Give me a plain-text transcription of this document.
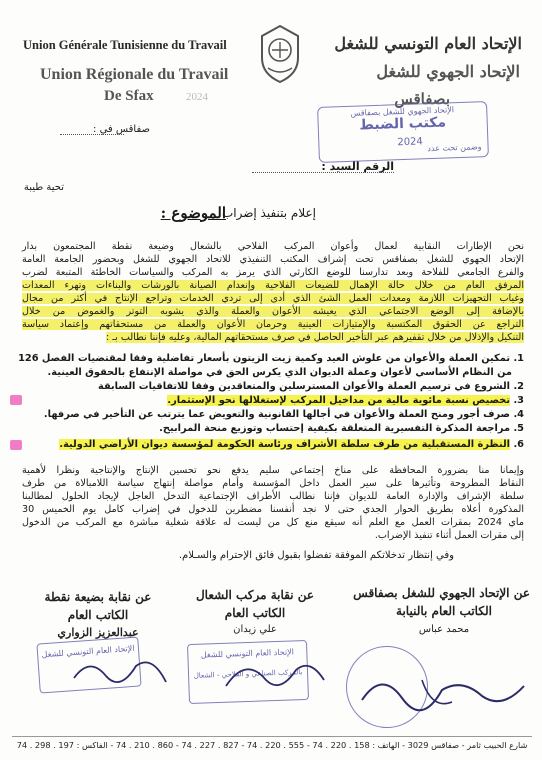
Union Générale Tunisienne du Travail
Union Régionale du Travail
De Sfax	2024
الإتحاد العام التونسي للشغل
الإتحاد الجهوي للشغل
بصفاقس
الإتحاد الجهوي للشغل بصفاقس
مكتب الضبط
2024 وضمن تحت عدد
الرقم السيد :
صفاقس في :
تحية طيبة
الموضوع :
إعلام بتنفيذ إضراب.
نحن الإطارات النقابية لعمال وأعوان المركب الفلاحي بالشعال وضيعة نقطة المجتمعون بدار
الإتحاد الجهوي للشغل بصفاقس تحت إشراف المكتب التنفيذي للاتحاد الجهوي للشغل وبحضور الجامعة العامة
والفرع الجامعي للفلاحة وبعد تدارسنا للوضع الكارثي الذي يرمز به المركب والسياسات الخاطئة المتبعة لضرب
المرفق العام من خلال حالة الإهمال للضيعات الفلاحية وإنعدام الصيانة بالورشات والبناءات وتهرء المعدات
وغياب التجهيزات اللازمة ومعدات العمل الشئ الذي أدى إلى تردي الخدمات وتراجع الإنتاج في أكثر من مجال
بالإضافة إلى الوضع الاجتماعي الذي يعيشه الأعوان والعملة والذي يشوبه التوتر والغموض من خلال
التراجع عن الحقوق المكتسبة والإمتيازات العينية وحرمان الأعوان والعملة من مستحقاتهم وإعتماد سياسة
التنكيل والإذلال من خلال تقفيرهم عبر التأخير الحاصل في صرف مستحقاتهم المالية، وعليه فإننا نطالب بـ :
1. تمكين العملة والأعوان من علوش العيد وكمية زيت الزيتون بأسعار تفاضلية وفقا لمقتضيات الفصل 126
من النظام الأساسي لأعوان وعملة الديوان الذي يكرس الحق في مواصلة الإنتفاع بالحقوق العينية.
2. الشروع في ترسيم العملة والأعوان المسترسلين والمتعاقدين وفقا للاتفاقيات السابقة
3. تخصيص نسبة مائوية مالية من مداخيل المركب لإستغلالها نحو الإستثمار.
4. صرف أجور ومنح العملة والأعوان في أجالها القانونية والتعويض عما يترتب عن التأخير في صرفها.
5. مراجعة المذكرة التفسيرية المتعلقة بكيفية إحتساب وتوزيع منحة المرابيح.
6. النظرة المستقبلية من طرف سلطة الأشراف ورئاسة الحكومة لمؤسسة ديوان الأراضي الدولية.
وإيمانا منا بضرورة المحافظة على مناخ إجتماعي سليم يدفع نحو تحسين الإنتاج والإنتاجية ونظرا لأهمية
النقاط المطروحة وتأثيرها على سير العمل داخل المؤسسة وأمام مواصلة إنتهاج سياسة اللامبالاة من طرف
سلطة الإشراف والإدارة العامة للديوان فإننا نطالب الأطراف الإجتماعية التدخل العاجل لإيجاد الحلول لمطالبنا
المذكورة أعلاه بطريق الحوار الجدي حتى لا نجد أنفسنا مضطرين للدخول في إضراب كامل يوم الخميس 30
ماي 2024 بمقرات العمل مع العلم أنه سيقع منع كل من ليست له علاقة شغلية مباشرة مع المركب من الدخول
إلى مقرات العمل أثناء تنفيذ الإضراب.
وفي إنتظار تدخلاتكم الموفقة تفضلوا بقبول فائق الإحترام والسـلام.
عن الإتحاد الجهوي للشغل بصفاقس
الكاتب العام بالنيابة
محمد عباس
عن نقابة مركب الشعال
الكاتب العام
علي زيدان
عن نقابة بضيعة نقطة
الكاتب العام
عبدالعزيز الزواري
الإتحاد العام التونسي للشغل	الإتحاد العام التونسي للشغل
بالمركب الصناعي و الفلاحي - الشعال
شارع الحبيب ثامر - صفاقس 3029 - الهاتف : 158 . 220 . 74 - 555 . 220 . 74 - 827 . 227 . 74 - 860 . 210 . 74 - الفاكس : 197 . 298 . 74
